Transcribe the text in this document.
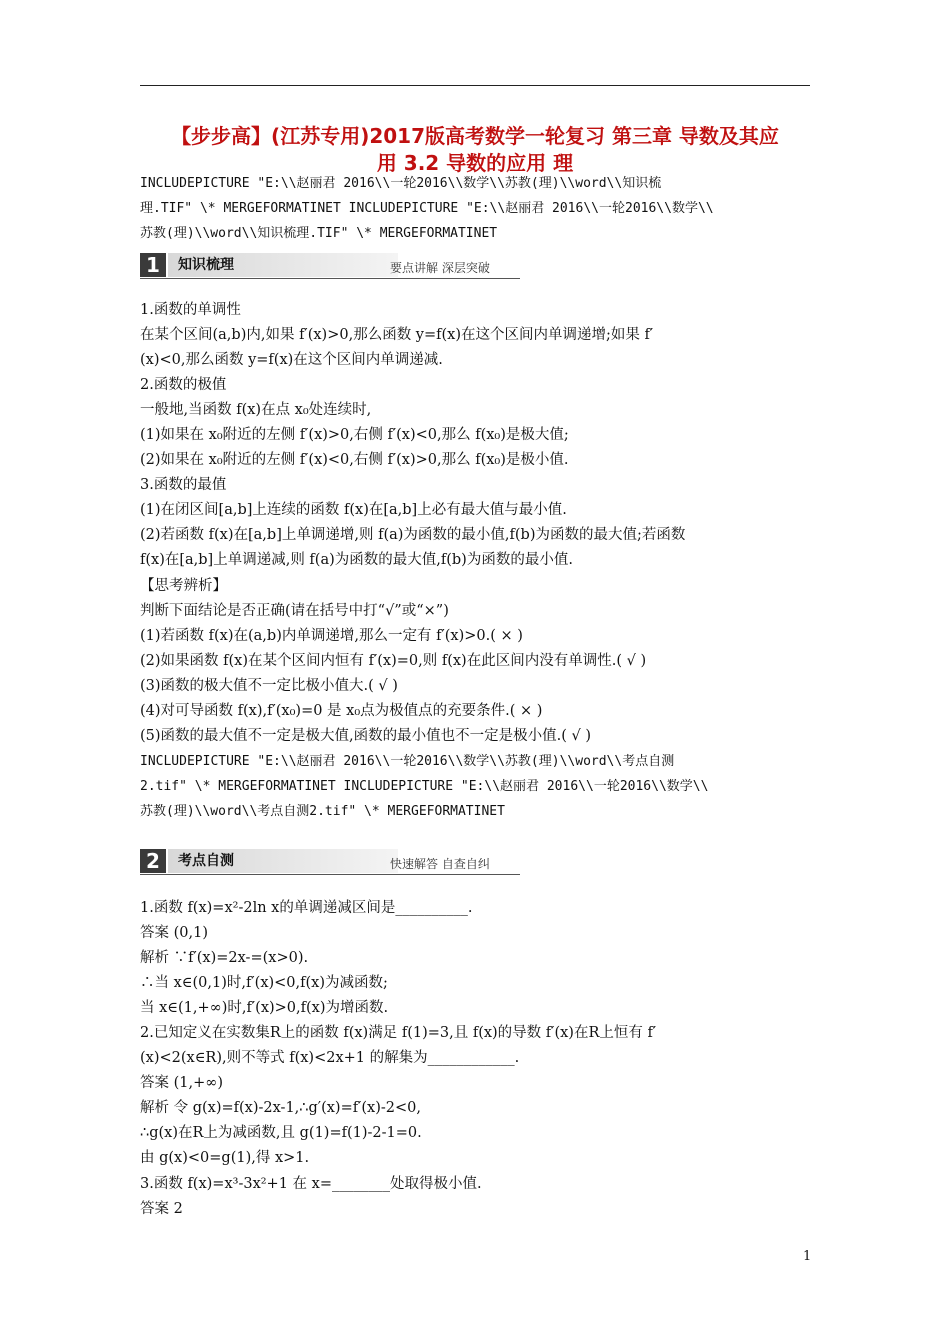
【步步高】(江苏专用)2017版高考数学一轮复习 第三章 导数及其应
用 3.2 导数的应用 理
INCLUDEPICTURE "E:\\赵丽君 2016\\一轮2016\\数学\\苏教(理)\\word\\知识梳
理.TIF" \* MERGEFORMATINET INCLUDEPICTURE "E:\\赵丽君 2016\\一轮2016\\数学\\
苏教(理)\\word\\知识梳理.TIF" \* MERGEFORMATINET
1	知识梳理	要点讲解 深层突破
1.函数的单调性
在某个区间(a,b)内,如果 f′(x)>0,那么函数 y=f(x)在这个区间内单调递增;如果 f′
(x)<0,那么函数 y=f(x)在这个区间内单调递减.
2.函数的极值
一般地,当函数 f(x)在点 x₀处连续时,
(1)如果在 x₀附近的左侧 f′(x)>0,右侧 f′(x)<0,那么 f(x₀)是极大值;
(2)如果在 x₀附近的左侧 f′(x)<0,右侧 f′(x)>0,那么 f(x₀)是极小值.
3.函数的最值
(1)在闭区间[a,b]上连续的函数 f(x)在[a,b]上必有最大值与最小值.
(2)若函数 f(x)在[a,b]上单调递增,则 f(a)为函数的最小值,f(b)为函数的最大值;若函数
f(x)在[a,b]上单调递减,则 f(a)为函数的最大值,f(b)为函数的最小值.
【思考辨析】
判断下面结论是否正确(请在括号中打“√”或“×”)
(1)若函数 f(x)在(a,b)内单调递增,那么一定有 f′(x)>0.( × )
(2)如果函数 f(x)在某个区间内恒有 f′(x)=0,则 f(x)在此区间内没有单调性.( √ )
(3)函数的极大值不一定比极小值大.( √ )
(4)对可导函数 f(x),f′(x₀)=0 是 x₀点为极值点的充要条件.( × )
(5)函数的最大值不一定是极大值,函数的最小值也不一定是极小值.( √ )
INCLUDEPICTURE "E:\\赵丽君 2016\\一轮2016\\数学\\苏教(理)\\word\\考点自测
2.tif" \* MERGEFORMATINET INCLUDEPICTURE "E:\\赵丽君 2016\\一轮2016\\数学\\
苏教(理)\\word\\考点自测2.tif" \* MERGEFORMATINET
2	考点自测	快速解答 自查自纠
1.函数 f(x)=x²-2ln x的单调递减区间是__________.
答案 (0,1)
解析 ∵f′(x)=2x-=(x>0).
∴当 x∈(0,1)时,f′(x)<0,f(x)为减函数;
当 x∈(1,+∞)时,f′(x)>0,f(x)为增函数.
2.已知定义在实数集R上的函数 f(x)满足 f(1)=3,且 f(x)的导数 f′(x)在R上恒有 f′
(x)<2(x∈R),则不等式 f(x)<2x+1 的解集为____________.
答案 (1,+∞)
解析 令 g(x)=f(x)-2x-1,∴g′(x)=f′(x)-2<0,
∴g(x)在R上为减函数,且 g(1)=f(1)-2-1=0.
由 g(x)<0=g(1),得 x>1.
3.函数 f(x)=x³-3x²+1 在 x=________处取得极小值.
答案 2
1
